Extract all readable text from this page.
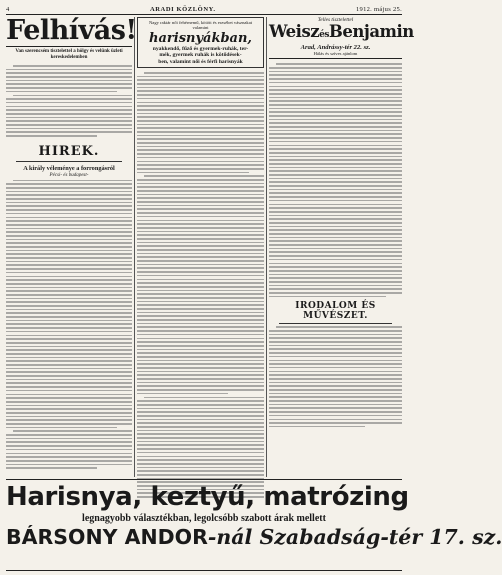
4	ARADI KÖZLÖNY.	1912. május 25.
Felhívás!
Van szerencsém tisztelettel a hölgy és velünk üzleti kereskedelemben
HIREK.
A király véleménye a forrongásról
Pécsi- és budapest-
Nagy raktár női fehérnemű, kötött és erzsébet vásznakat valamint
harisnyákban,
nyakkendő, fűző és gyermek-ruhák, ter-
mék, gyermek ruhák is kötődések-
ben, valamint női és férfi harisnyák
Telles tisztelettel
WeiszésBenjamin
Arad, Andrássy-tér 22. sz.
Hálás és szíves ajánlom
IRODALOM ÉS MŰVÉSZET.
Harisnya, keztyű, matrózing
legnagyobb választékban, legolcsóbb szabott árak mellett
BÁRSONY ANDOR-nál Szabadság-tér 17. sz.
